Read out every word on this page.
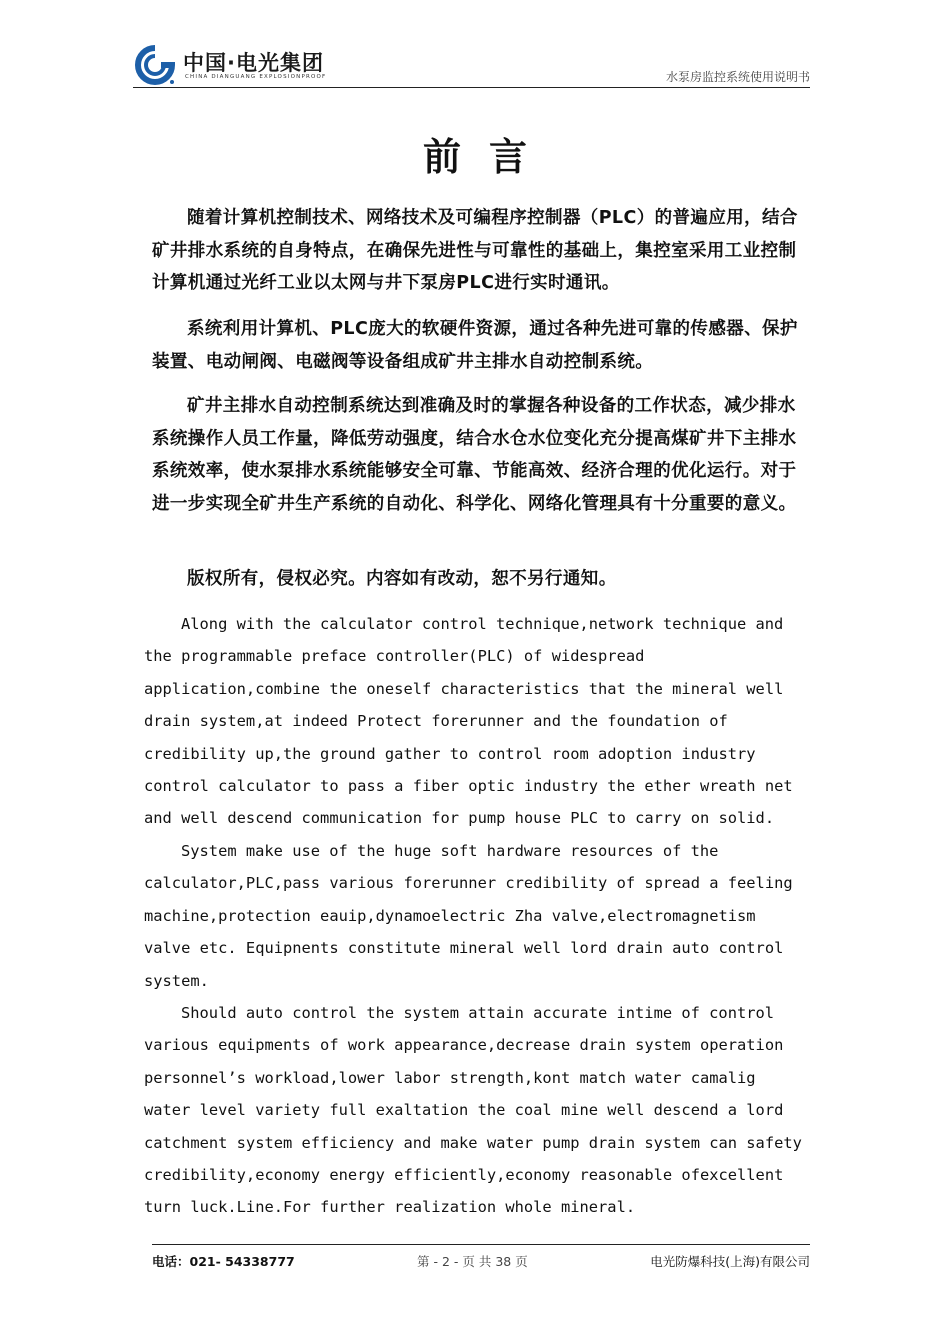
中国·电光集团
CHINA DIANGUANG EXPLOSIONPROOF	水泵房监控系统使用说明书
前言

随着计算机控制技术、网络技术及可编程序控制器（PLC）的普遍应用，结合矿井排水系统的自身特点，在确保先进性与可靠性的基础上，集控室采用工业控制计算机通过光纤工业以太网与井下泵房PLC进行实时通讯。

系统利用计算机、PLC庞大的软硬件资源，通过各种先进可靠的传感器、保护装置、电动闸阀、电磁阀等设备组成矿井主排水自动控制系统。

矿井主排水自动控制系统达到准确及时的掌握各种设备的工作状态，减少排水系统操作人员工作量，降低劳动强度，结合水仓水位变化充分提高煤矿井下主排水系统效率，使水泵排水系统能够安全可靠、节能高效、经济合理的优化运行。对于进一步实现全矿井生产系统的自动化、科学化、网络化管理具有十分重要的意义。

版权所有，侵权必究。内容如有改动，恕不另行通知。

Along with the calculator control technique,network technique and the programmable preface controller(PLC) of widespread application,combine the oneself characteristics that the mineral well drain system,at indeed Protect forerunner and the foundation of credibility up,the ground gather to control room adoption industry control calculator to pass a fiber optic industry the ether wreath net and well descend communication for pump house PLC to carry on solid.

System make use of the huge soft hardware resources of the calculator,PLC,pass various forerunner credibility of spread a feeling machine,protection eauip,dynamoelectric Zha valve,electromagnetism valve etc. Equipnents constitute mineral well lord drain auto control system.

Should auto control the system attain accurate intime of control various equipments of work appearance,decrease drain system operation personnel’s workload,lower labor strength,kont match water camalig water level variety full exaltation the coal mine well descend a lord catchment system efficiency and make water pump drain system can safety credibility,economy energy efficiently,economy reasonable ofexcellent turn luck.Line.For further realization whole mineral.

电话：021- 54338777	第 - 2 - 页 共 38 页	电光防爆科技(上海)有限公司
